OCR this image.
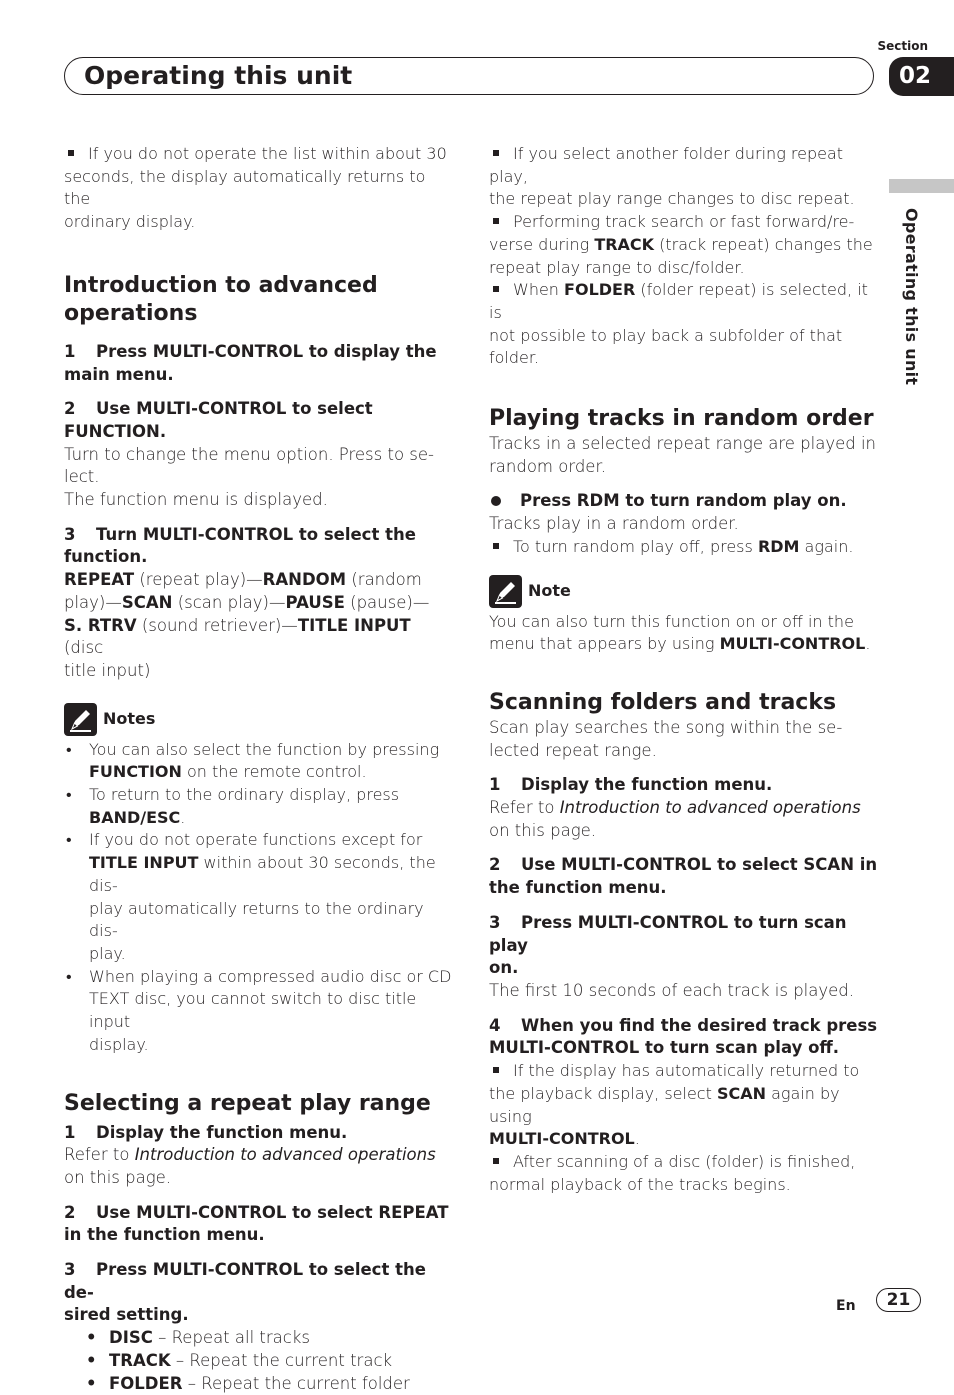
Section
Operating this unit	02
Operating this unit

If you do not operate the list within about 30

seconds, the display automatically returns to the

ordinary display.

Introduction to advanced
operations

1 Press MULTI-CONTROL to display the

main menu.

2 Use MULTI-CONTROL to select

FUNCTION.

Turn to change the menu option. Press to se-

lect.

The function menu is displayed.

3 Turn MULTI-CONTROL to select the

function.

REPEAT (repeat play)—RANDOM (random

play)—SCAN (scan play)—PAUSE (pause)—

S. RTRV (sound retriever)—TITLE INPUT (disc

title input)

Notes
• You can also select the function by pressing
FUNCTION on the remote control.
• To return to the ordinary display, press
BAND/ESC.
• If you do not operate functions except for
TITLE INPUT within about 30 seconds, the dis-
play automatically returns to the ordinary dis-
play.
• When playing a compressed audio disc or CD
TEXT disc, you cannot switch to disc title input
display.
Selecting a repeat play range

1 Display the function menu.

Refer to Introduction to advanced operations

on this page.

2 Use MULTI-CONTROL to select REPEAT

in the function menu.

3 Press MULTI-CONTROL to select the de-

sired setting.

• DISC – Repeat all tracks
• TRACK – Repeat the current track
• FOLDER – Repeat the current folder

If you select another folder during repeat play,

the repeat play range changes to disc repeat.

Performing track search or fast forward/re-

verse during TRACK (track repeat) changes the

repeat play range to disc/folder.

When FOLDER (folder repeat) is selected, it is

not possible to play back a subfolder of that

folder.

Playing tracks in random order

Tracks in a selected repeat range are played in

random order.

Press RDM to turn random play on.

Tracks play in a random order.

To turn random play off, press RDM again.

Note

You can also turn this function on or off in the

menu that appears by using MULTI-CONTROL.

Scanning folders and tracks

Scan play searches the song within the se-

lected repeat range.

1 Display the function menu.

Refer to Introduction to advanced operations

on this page.

2 Use MULTI-CONTROL to select SCAN in

the function menu.

3 Press MULTI-CONTROL to turn scan play

on.

The first 10 seconds of each track is played.

4 When you find the desired track press

MULTI-CONTROL to turn scan play off.

If the display has automatically returned to

the playback display, select SCAN again by using

MULTI-CONTROL.

After scanning of a disc (folder) is finished,

normal playback of the tracks begins.

En	21
